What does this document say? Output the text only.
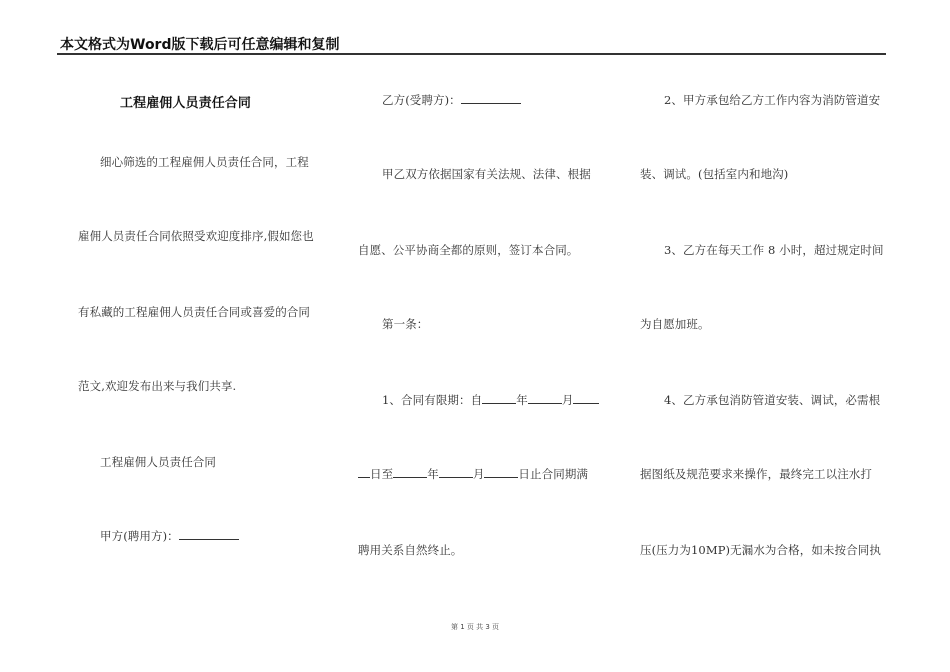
本文格式为Word版下载后可任意编辑和复制
工程雇佣人员责任合同
细心筛选的工程雇佣人员责任合同，工程
雇佣人员责任合同依照受欢迎度排序,假如您也
有私藏的工程雇佣人员责任合同或喜爱的合同
范文,欢迎发布出来与我们共享.
工程雇佣人员责任合同
甲方(聘用方)：
乙方(受聘方)：
甲乙双方依据国家有关法规、法律、根据
自愿、公平协商全都的原则，签订本合同。
第一条：
1、合同有限期：自	年	月
日至	年	月	日止合同期满
聘用关系自然终止。
2、甲方承包给乙方工作内容为消防管道安
装、调试。(包括室内和地沟)
3、乙方在每天工作 8 小时，超过规定时间
为自愿加班。
4、乙方承包消防管道安装、调试，必需根
据图纸及规范要求来操作，最终完工以注水打
压(压力为10MP)无漏水为合格，如未按合同执
第 1 页 共 3 页
